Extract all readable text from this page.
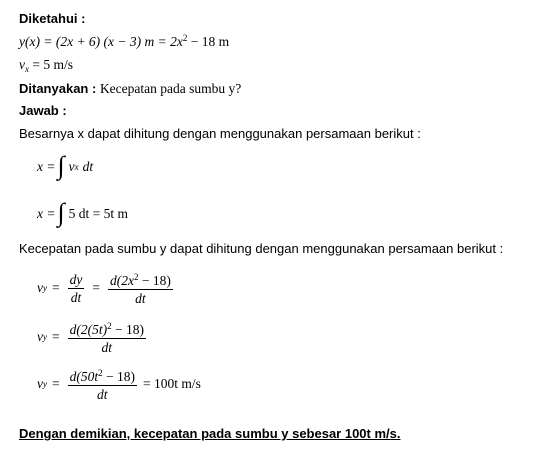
Diketahui :
y(x) = (2x + 6) (x − 3) $m = 2x^2 - 18$ m
$v_x = 5$ m/s
Ditanyakan : Kecepatan pada sumbu y?
Jawab :
Besarnya x dapat dihitung dengan menggunakan persamaan berikut :
x = ∫ v x dt
x = ∫ 5 dt = 5t m
Kecepatan pada sumbu y dapat dihitung dengan menggunakan persamaan berikut :
v $y = \frac{dy}{dt} = \frac{d(2x^2 - 18)}{dt}$
v $y = \frac{d(2(5t)^2 - 18)}{dt}$
v $y = \frac{d(50t^2 - 18)}{dt} = 100t$ m/s
Dengan demikian, kecepatan pada sumbu y sebesar 100t m/s.
